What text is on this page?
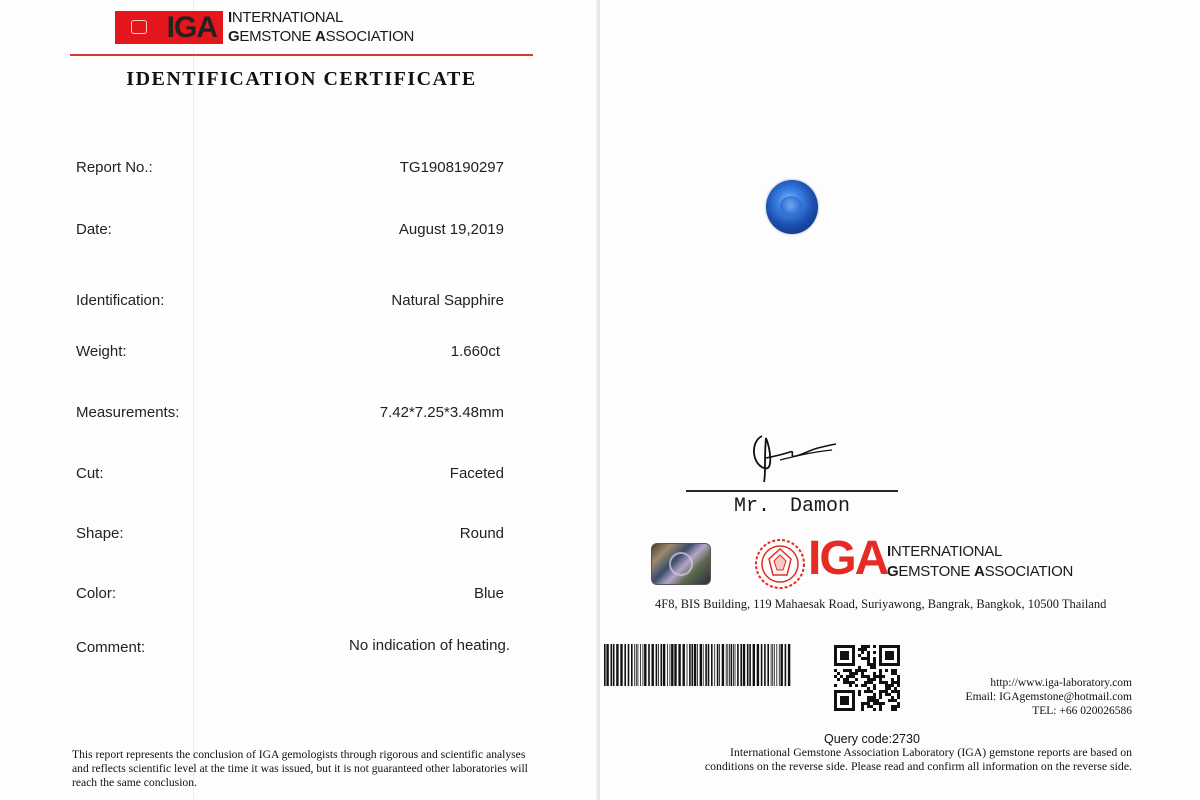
IGA INTERNATIONAL
GEMSTONE ASSOCIATION
IDENTIFICATION CERTIFICATE
Report No.:	TG1908190297
Date:	August 19,2019
Identification:	Natural Sapphire
Weight:	1.660ct
Measurements:	7.42*7.25*3.48mm
Cut:	Faceted
Shape:	Round
Color:	Blue
Comment:	No indication of heating.
This report represents the conclusion of IGA gemologists through rigorous and scientific analyses and reflects scientific level at the time it was issued, but it is not guaranteed other laboratories will reach the same conclusion.
Mr. Damon
IGA INTERNATIONAL
GEMSTONE ASSOCIATION
4F8, BIS Building, 119 Mahaesak Road, Suriyawong, Bangrak, Bangkok, 10500 Thailand
http://www.iga-laboratory.com
Email: IGAgemstone@hotmail.com
TEL: +66 020026586
Query code:2730
International Gemstone Association Laboratory (IGA) gemstone reports are based on conditions on the reverse side. Please read and confirm all information on the reverse side.
